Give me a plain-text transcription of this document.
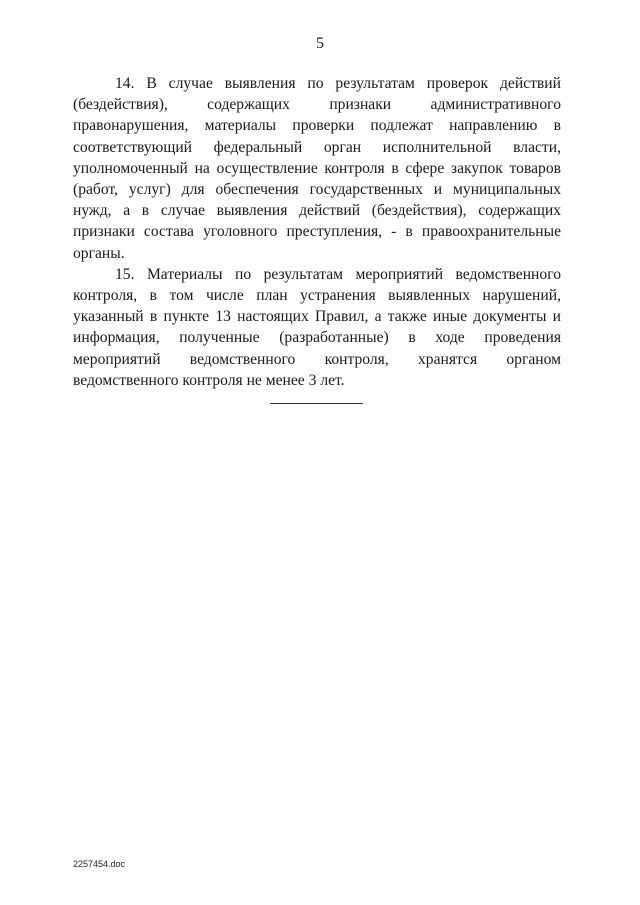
5

14. В случае выявления по результатам проверок действий (бездействия), содержащих признаки административного правонарушения, материалы проверки подлежат направлению в соответствующий федеральный орган исполнительной власти, уполномоченный на осуществление контроля в сфере закупок товаров (работ, услуг) для обеспечения государственных и муниципальных нужд, а в случае выявления действий (бездействия), содержащих признаки состава уголовного преступления, - в правоохранительные органы.

15. Материалы по результатам мероприятий ведомственного контроля, в том числе план устранения выявленных нарушений, указанный в пункте 13 настоящих Правил, а также иные документы и информация, полученные (разработанные) в ходе проведения мероприятий ведомственного контроля, хранятся органом ведомственного контроля не менее 3 лет.

2257454.doc
